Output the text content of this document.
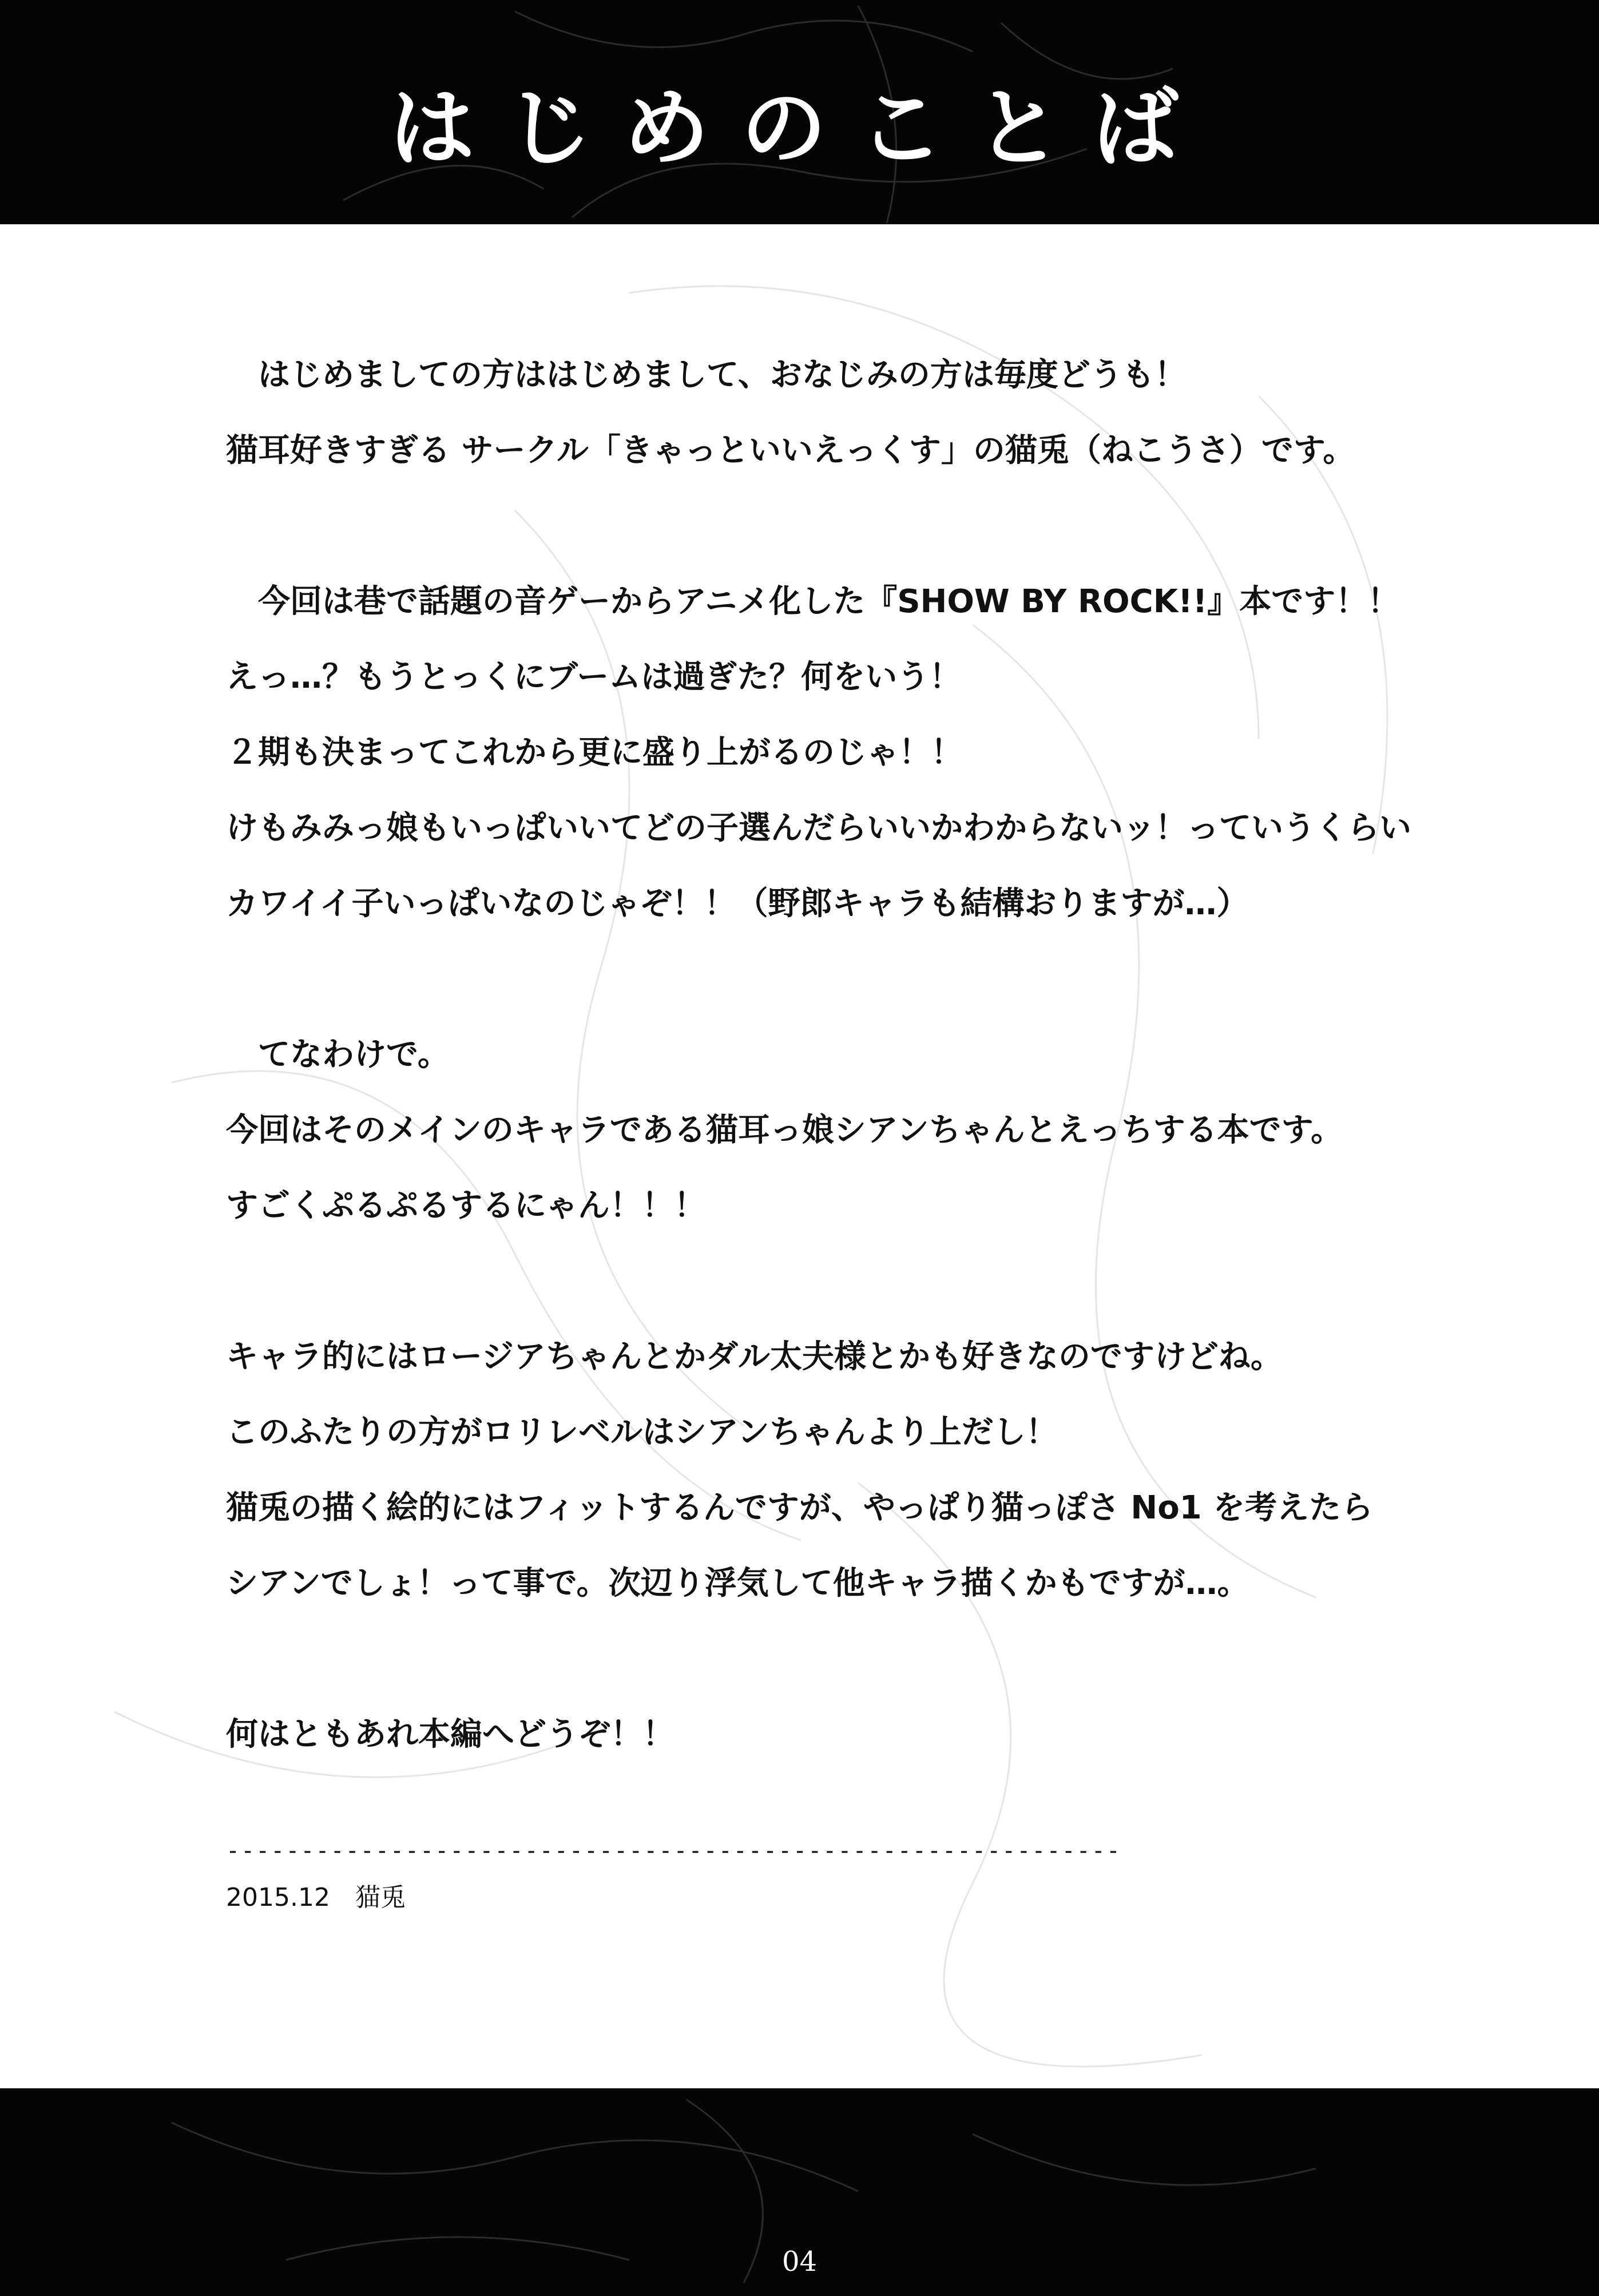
はじめのことば
　はじめましての方ははじめまして、おなじみの方は毎度どうも！
猫耳好きすぎる サークル「きゃっといいえっくす」の猫兎（ねこうさ）です。
　今回は巷で話題の音ゲーからアニメ化した『SHOW BY ROCK!!』本です！！
えっ…？もうとっくにブームは過ぎた？何をいう！
２期も決まってこれから更に盛り上がるのじゃ！！
けもみみっ娘もいっぱいいてどの子選んだらいいかわからないッ！っていうくらい
カワイイ子いっぱいなのじゃぞ！！（野郎キャラも結構おりますが…）
　てなわけで。
今回はそのメインのキャラである猫耳っ娘シアンちゃんとえっちする本です。
すごくぷるぷるするにゃん！！！
キャラ的にはロージアちゃんとかダル太夫様とかも好きなのですけどね。
このふたりの方がロリレベルはシアンちゃんより上だし！
猫兎の描く絵的にはフィットするんですが、やっぱり猫っぽさ No1 を考えたら
シアンでしょ！って事で。次辺り浮気して他キャラ描くかもですが…。
何はともあれ本編へどうぞ！！
------------------------------------------------------------
2015.12　猫兎
04
